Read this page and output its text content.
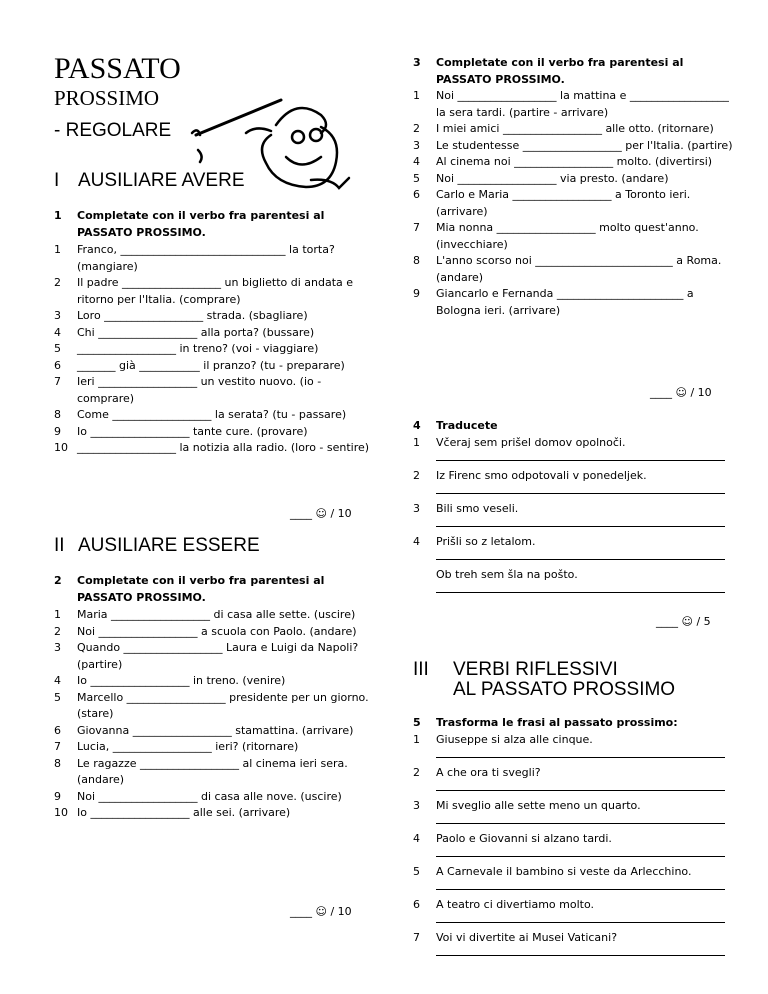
PASSATO
PROSSIMO
- REGOLARE
I AUSILIARE AVERE
1 Completate con il verbo fra parentesi al PASSATO PROSSIMO.
1 Franco, ______________________________ la torta? (mangiare)
2 Il padre __________________ un biglietto di andata e ritorno per l'Italia. (comprare)
3 Loro __________________ strada. (sbagliare)
4 Chi __________________ alla porta? (bussare)
5 __________________ in treno? (voi - viaggiare)
6 _______ già ___________ il pranzo? (tu - preparare)
7 Ieri __________________ un vestito nuovo. (io - comprare)
8 Come __________________ la serata? (tu - passare)
9 Io __________________ tante cure. (provare)
10 __________________ la notizia alla radio. (loro - sentire)
____ ☺ / 10
II AUSILIARE ESSERE
2 Completate con il verbo fra parentesi al PASSATO PROSSIMO.
1 Maria __________________ di casa alle sette. (uscire)
2 Noi __________________ a scuola con Paolo. (andare)
3 Quando __________________ Laura e Luigi da Napoli? (partire)
4 Io __________________ in treno. (venire)
5 Marcello __________________ presidente per un giorno. (stare)
6 Giovanna __________________ stamattina. (arrivare)
7 Lucia, __________________ ieri? (ritornare)
8 Le ragazze __________________ al cinema ieri sera. (andare)
9 Noi __________________ di casa alle nove. (uscire)
10 Io __________________ alle sei. (arrivare)
____ ☺ / 10
3 Completate con il verbo fra parentesi al PASSATO PROSSIMO.
1 Noi __________________ la mattina e __________________ la sera tardi. (partire - arrivare)
2 I miei amici __________________ alle otto. (ritornare)
3 Le studentesse __________________ per l'Italia. (partire)
4 Al cinema noi __________________ molto. (divertirsi)
5 Noi __________________ via presto. (andare)
6 Carlo e Maria __________________ a Toronto ieri. (arrivare)
7 Mia nonna __________________ molto quest'anno. (invecchiare)
8 L'anno scorso noi _________________________ a Roma. (andare)
9 Giancarlo e Fernanda _______________________ a Bologna ieri. (arrivare)
____ ☺ / 10
4 Traducete
1 Včeraj sem prišel domov opolnoči.
2 Iz Firenc smo odpotovali v ponedeljek.
3 Bili smo veseli.
4 Prišli so z letalom.
Ob treh sem šla na pošto.
____ ☺ / 5
III VERBI RIFLESSIVI
AL PASSATO PROSSIMO
5 Trasforma le frasi al passato prossimo:
1 Giuseppe si alza alle cinque.
2 A che ora ti svegli?
3 Mi sveglio alle sette meno un quarto.
4 Paolo e Giovanni si alzano tardi.
5 A Carnevale il bambino si veste da Arlecchino.
6 A teatro ci divertiamo molto.
7 Voi vi divertite ai Musei Vaticani?
